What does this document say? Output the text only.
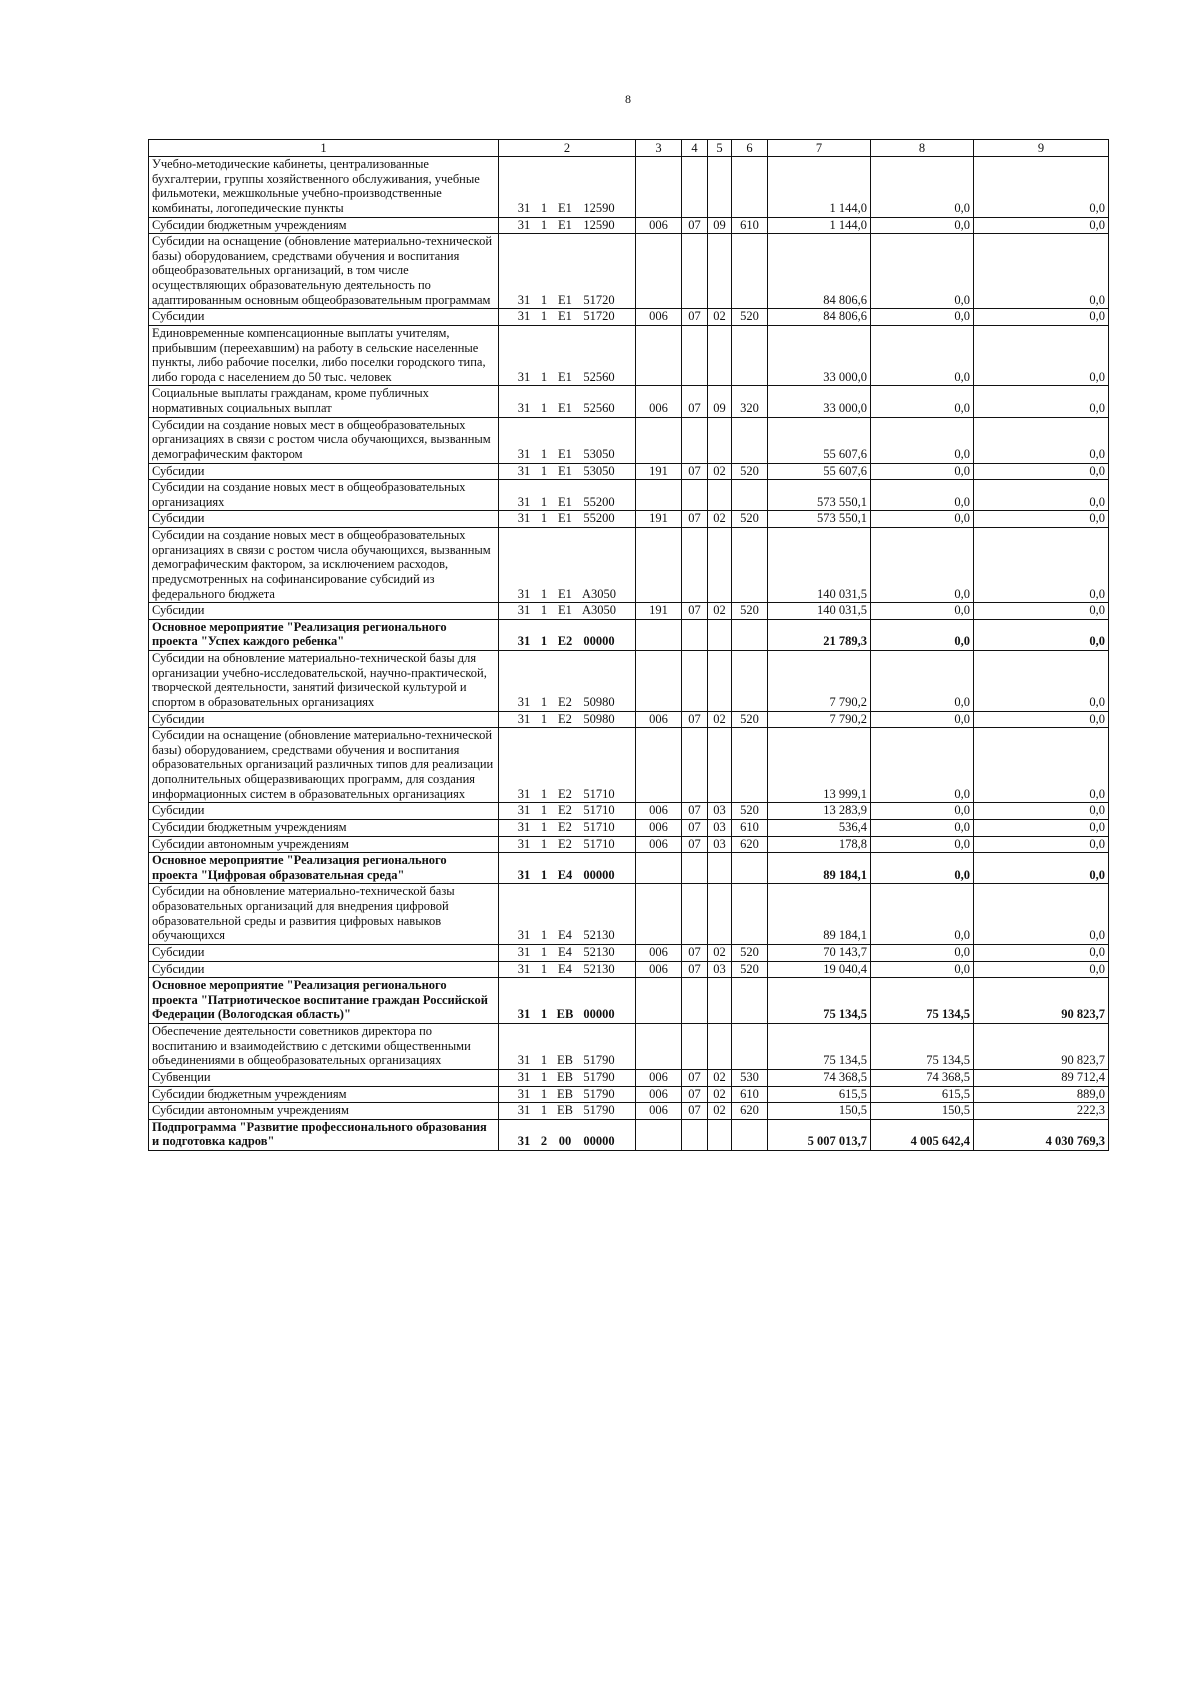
8
1	2	3	4	5	6	7	8	9
Учебно-методические кабинеты, централизованные бухгалтерии, группы хозяйственного обслуживания, учебные фильмотеки, межшкольные учебно-производственные комбинаты, логопедические пункты	31 1 E1 12590					1 144,0	0,0	0,0
Субсидии бюджетным учреждениям	31 1 E1 12590	006	07	09	610	1 144,0	0,0	0,0
Субсидии на оснащение (обновление материально-технической базы) оборудованием, средствами обучения и воспитания общеобразовательных организаций, в том числе осуществляющих образовательную деятельность по адаптированным основным общеобразовательным программам	31 1 E1 51720					84 806,6	0,0	0,0
Субсидии	31 1 E1 51720	006	07	02	520	84 806,6	0,0	0,0
Единовременные компенсационные выплаты учителям, прибывшим (переехавшим) на работу в сельские населенные пункты, либо рабочие поселки, либо поселки городского типа, либо города с населением до 50 тыс. человек	31 1 E1 52560					33 000,0	0,0	0,0
Социальные выплаты гражданам, кроме публичных нормативных социальных выплат	31 1 E1 52560	006	07	09	320	33 000,0	0,0	0,0
Субсидии на создание новых мест в общеобразовательных организациях в связи с ростом числа обучающихся, вызванным демографическим фактором	31 1 E1 53050					55 607,6	0,0	0,0
Субсидии	31 1 E1 53050	191	07	02	520	55 607,6	0,0	0,0
Субсидии на создание новых мест в общеобразовательных организациях	31 1 E1 55200					573 550,1	0,0	0,0
Субсидии	31 1 E1 55200	191	07	02	520	573 550,1	0,0	0,0
Субсидии на создание новых мест в общеобразовательных организациях в связи с ростом числа обучающихся, вызванным демографическим фактором, за исключением расходов, предусмотренных на софинансирование субсидий из федерального бюджета	31 1 E1 A3050					140 031,5	0,0	0,0
Субсидии	31 1 E1 A3050	191	07	02	520	140 031,5	0,0	0,0
Основное мероприятие "Реализация регионального проекта "Успех каждого ребенка"	31 1 E2 00000					21 789,3	0,0	0,0
Субсидии на обновление материально-технической базы для организации учебно-исследовательской, научно-практической, творческой деятельности, занятий физической культурой и спортом в образовательных организациях	31 1 E2 50980					7 790,2	0,0	0,0
Субсидии	31 1 E2 50980	006	07	02	520	7 790,2	0,0	0,0
Субсидии на оснащение (обновление материально-технической базы) оборудованием, средствами обучения и воспитания образовательных организаций различных типов для реализации дополнительных общеразвивающих программ, для создания информационных систем в образовательных организациях	31 1 E2 51710					13 999,1	0,0	0,0
Субсидии	31 1 E2 51710	006	07	03	520	13 283,9	0,0	0,0
Субсидии бюджетным учреждениям	31 1 E2 51710	006	07	03	610	536,4	0,0	0,0
Субсидии автономным учреждениям	31 1 E2 51710	006	07	03	620	178,8	0,0	0,0
Основное мероприятие "Реализация регионального проекта "Цифровая образовательная среда"	31 1 E4 00000					89 184,1	0,0	0,0
Субсидии на обновление материально-технической базы образовательных организаций для внедрения цифровой образовательной среды и развития цифровых навыков обучающихся	31 1 E4 52130					89 184,1	0,0	0,0
Субсидии	31 1 E4 52130	006	07	02	520	70 143,7	0,0	0,0
Субсидии	31 1 E4 52130	006	07	03	520	19 040,4	0,0	0,0
Основное мероприятие "Реализация регионального проекта "Патриотическое воспитание граждан Российской Федерации (Вологодская область)"	31 1 EB 00000					75 134,5	75 134,5	90 823,7
Обеспечение деятельности советников директора по воспитанию и взаимодействию с детскими общественными объединениями в общеобразовательных организациях	31 1 EB 51790					75 134,5	75 134,5	90 823,7
Субвенции	31 1 EB 51790	006	07	02	530	74 368,5	74 368,5	89 712,4
Субсидии бюджетным учреждениям	31 1 EB 51790	006	07	02	610	615,5	615,5	889,0
Субсидии автономным учреждениям	31 1 EB 51790	006	07	02	620	150,5	150,5	222,3
Подпрограмма "Развитие профессионального образования и подготовка кадров"	31 2 00 00000					5 007 013,7	4 005 642,4	4 030 769,3
